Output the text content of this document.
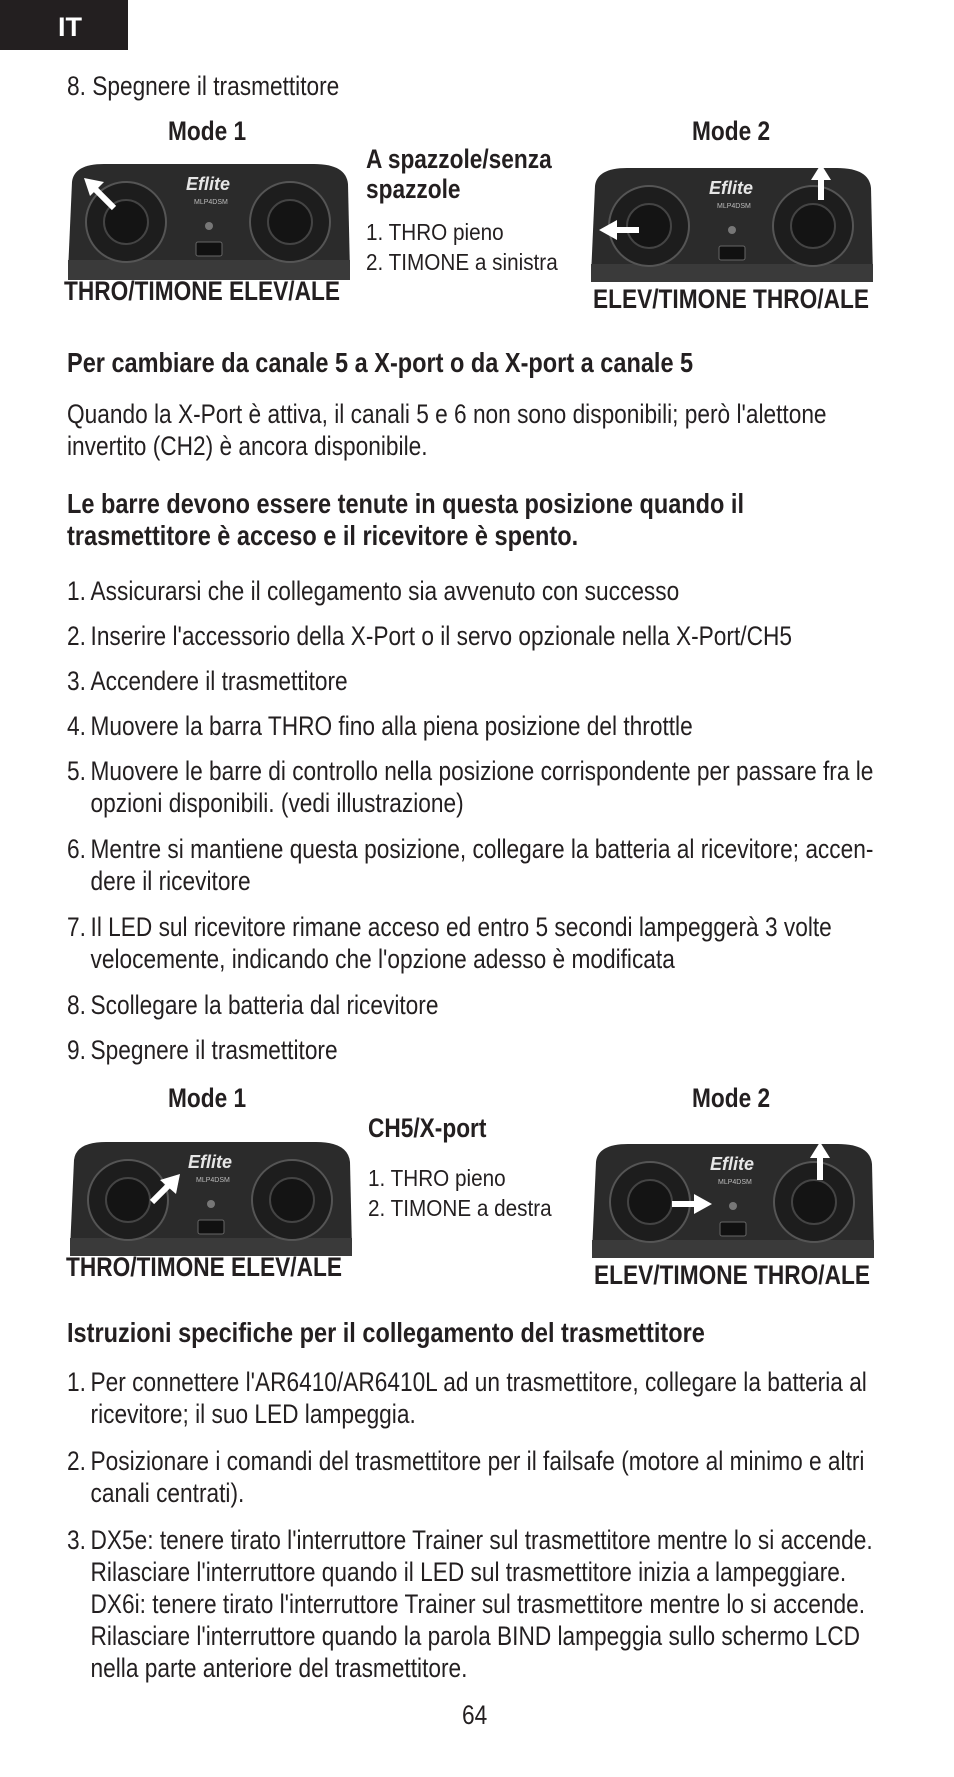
IT
8. Spegnere il trasmettitore
Mode 1	Mode 2
Eflite
MLP4DSM
A spazzole/senza
spazzole
1. THRO pieno
2. TIMONE a sinistra
Eflite
MLP4DSM
THRO/TIMONE ELEV/ALE	ELEV/TIMONE THRO/ALE
Per cambiare da canale 5 a X-port o da X-port a canale 5
Quando la X-Port è attiva, il canali 5 e 6 non sono disponibili; però l'alettone
invertito (CH2) è ancora disponibile.
Le barre devono essere tenute in questa posizione quando il
trasmettitore è acceso e il ricevitore è spento.
1. Assicurarsi che il collegamento sia avvenuto con successo
2. Inserire l'accessorio della X-Port o il servo opzionale nella X-Port/CH5
3. Accendere il trasmettitore
4. Muovere la barra THRO fino alla piena posizione del throttle
5. Muovere le barre di controllo nella posizione corrispondente per passare fra le
opzioni disponibili. (vedi illustrazione)
6. Mentre si mantiene questa posizione, collegare la batteria al ricevitore; accen-
dere il ricevitore
7. Il LED sul ricevitore rimane acceso ed entro 5 secondi lampeggerà 3 volte
velocemente, indicando che l'opzione adesso è modificata
8. Scollegare la batteria dal ricevitore
9. Spegnere il trasmettitore
Mode 1	Mode 2
Eflite
MLP4DSM
CH5/X-port
1. THRO pieno
2. TIMONE a destra
Eflite
MLP4DSM
THRO/TIMONE ELEV/ALE	ELEV/TIMONE THRO/ALE
Istruzioni specifiche per il collegamento del trasmettitore
1. Per connettere l'AR6410/AR6410L ad un trasmettitore, collegare la batteria al
ricevitore; il suo LED lampeggia.
2. Posizionare i comandi del trasmettitore per il failsafe (motore al minimo e altri
canali centrati).
3. DX5e: tenere tirato l'interruttore Trainer sul trasmettitore mentre lo si accende.
Rilasciare l'interruttore quando il LED sul trasmettitore inizia a lampeggiare.
DX6i: tenere tirato l'interruttore Trainer sul trasmettitore mentre lo si accende.
Rilasciare l'interruttore quando la parola BIND lampeggia sullo schermo LCD
nella parte anteriore del trasmettitore.
64
